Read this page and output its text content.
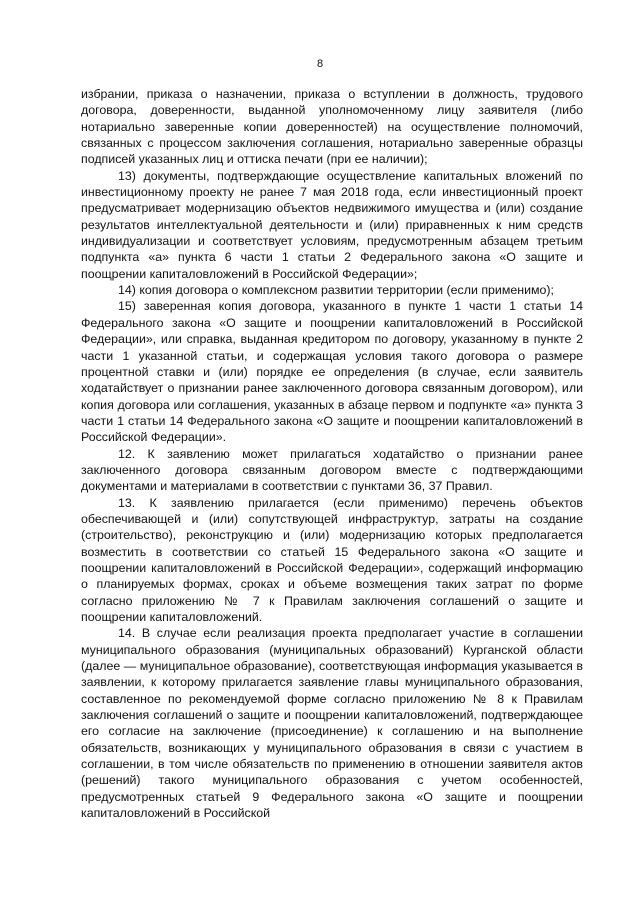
8

избрании, приказа о назначении, приказа о вступлении в должность, трудового договора, доверенности, выданной уполномоченному лицу заявителя (либо нотариально заверенные копии доверенностей) на осуществление полномочий, связанных с процессом заключения соглашения, нотариально заверенные образцы подписей указанных лиц и оттиска печати (при ее наличии);

13) документы, подтверждающие осуществление капитальных вложений по инвестиционному проекту не ранее 7 мая 2018 года, если инвестиционный проект предусматривает модернизацию объектов недвижимого имущества и (или) создание результатов интеллектуальной деятельности и (или) приравненных к ним средств индивидуализации и соответствует условиям, предусмотренным абзацем третьим подпункта «а» пункта 6 части 1 статьи 2 Федерального закона «О защите и поощрении капиталовложений в Российской Федерации»;

14) копия договора о комплексном развитии территории (если применимо);

15) заверенная копия договора, указанного в пункте 1 части 1 статьи 14 Федерального закона «О защите и поощрении капиталовложений в Российской Федерации», или справка, выданная кредитором по договору, указанному в пункте 2 части 1 указанной статьи, и содержащая условия такого договора о размере процентной ставки и (или) порядке ее определения (в случае, если заявитель ходатайствует о признании ранее заключенного договора связанным договором), или копия договора или соглашения, указанных в абзаце первом и подпункте «а» пункта 3 части 1 статьи 14 Федерального закона «О защите и поощрении капиталовложений в Российской Федерации».

12. К заявлению может прилагаться ходатайство о признании ранее заключенного договора связанным договором вместе с подтверждающими документами и материалами в соответствии с пунктами 36, 37 Правил.

13. К заявлению прилагается (если применимо) перечень объектов обеспечивающей и (или) сопутствующей инфраструктур, затраты на создание (строительство), реконструкцию и (или) модернизацию которых предполагается возместить в соответствии со статьей 15 Федерального закона «О защите и поощрении капиталовложений в Российской Федерации», содержащий информацию о планируемых формах, сроках и объеме возмещения таких затрат по форме согласно приложению № 7 к Правилам заключения соглашений о защите и поощрении капиталовложений.

14. В случае если реализация проекта предполагает участие в соглашении муниципального образования (муниципальных образований) Курганской области (далее — муниципальное образование), соответствующая информация указывается в заявлении, к которому прилагается заявление главы муниципального образования, составленное по рекомендуемой форме согласно приложению № 8 к Правилам заключения соглашений о защите и поощрении капиталовложений, подтверждающее его согласие на заключение (присоединение) к соглашению и на выполнение обязательств, возникающих у муниципального образования в связи с участием в соглашении, в том числе обязательств по применению в отношении заявителя актов (решений) такого муниципального образования с учетом особенностей, предусмотренных статьей 9 Федерального закона «О защите и поощрении капиталовложений в Российской
